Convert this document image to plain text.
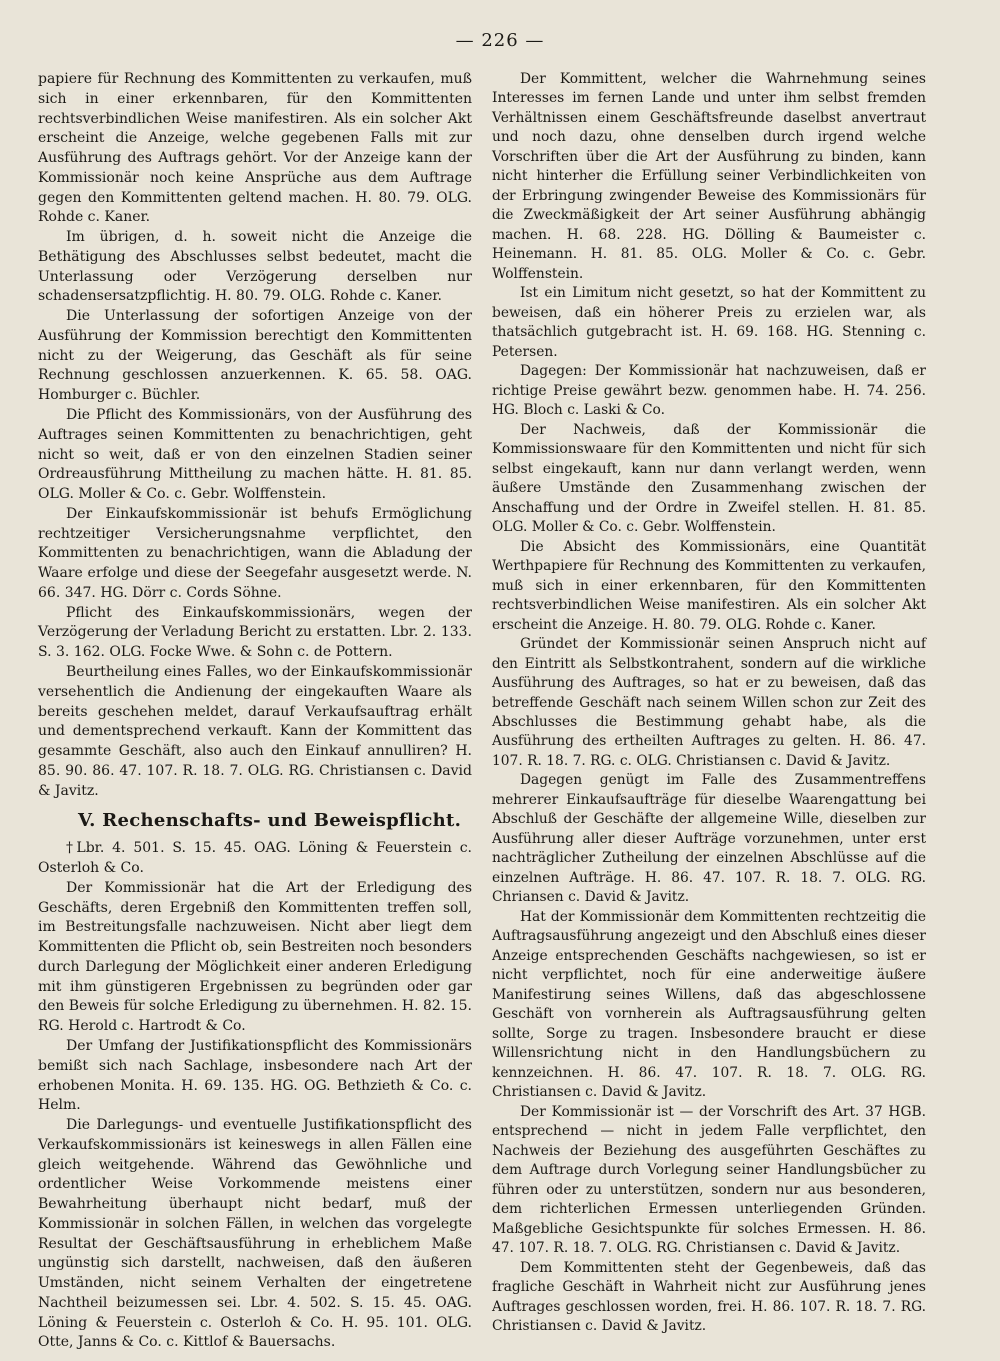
— 226 —

papiere für Rechnung des Kommittenten zu verkaufen, muß sich in einer erkennbaren, für den Kommittenten rechtsverbindlichen Weise manifestiren. Als ein solcher Akt erscheint die Anzeige, welche gegebenen Falls mit zur Ausführung des Auftrags gehört. Vor der Anzeige kann der Kommissionär noch keine Ansprüche aus dem Auftrage gegen den Kommittenten geltend machen. H. 80. 79. OLG. Rohde c. Kaner.

Im übrigen, d. h. soweit nicht die Anzeige die Bethätigung des Abschlusses selbst bedeutet, macht die Unterlassung oder Verzögerung derselben nur schadensersatzpflichtig. H. 80. 79. OLG. Rohde c. Kaner.

Die Unterlassung der sofortigen Anzeige von der Ausführung der Kommission berechtigt den Kommittenten nicht zu der Weigerung, das Geschäft als für seine Rechnung geschlossen anzuerkennen. K. 65. 58. OAG. Homburger c. Büchler.

Die Pflicht des Kommissionärs, von der Ausführung des Auftrages seinen Kommittenten zu benachrichtigen, geht nicht so weit, daß er von den einzelnen Stadien seiner Ordreausführung Mittheilung zu machen hätte. H. 81. 85. OLG. Moller & Co. c. Gebr. Wolffenstein.

Der Einkaufskommissionär ist behufs Ermöglichung rechtzeitiger Versicherungsnahme verpflichtet, den Kommittenten zu benachrichtigen, wann die Abladung der Waare erfolge und diese der Seegefahr ausgesetzt werde. N. 66. 347. HG. Dörr c. Cords Söhne.

Pflicht des Einkaufskommissionärs, wegen der Verzögerung der Verladung Bericht zu erstatten. Lbr. 2. 133. S. 3. 162. OLG. Focke Wwe. & Sohn c. de Pottern.

Beurtheilung eines Falles, wo der Einkaufskommissionär versehentlich die Andienung der eingekauften Waare als bereits geschehen meldet, darauf Verkaufsauftrag erhält und dementsprechend verkauft. Kann der Kommittent das gesammte Geschäft, also auch den Einkauf annulliren? H. 85. 90. 86. 47. 107. R. 18. 7. OLG. RG. Christiansen c. David & Javitz.

V. Rechenschafts- und Beweispflicht.

†Lbr. 4. 501. S. 15. 45. OAG. Löning & Feuerstein c. Osterloh & Co.

Der Kommissionär hat die Art der Erledigung des Geschäfts, deren Ergebniß den Kommittenten treffen soll, im Bestreitungsfalle nachzuweisen. Nicht aber liegt dem Kommittenten die Pflicht ob, sein Bestreiten noch besonders durch Darlegung der Möglichkeit einer anderen Erledigung mit ihm günstigeren Ergebnissen zu begründen oder gar den Beweis für solche Erledigung zu übernehmen. H. 82. 15. RG. Herold c. Hartrodt & Co.

Der Umfang der Justifikationspflicht des Kommissionärs bemißt sich nach Sachlage, insbesondere nach Art der erhobenen Monita. H. 69. 135. HG. OG. Bethzieth & Co. c. Helm.

Die Darlegungs- und eventuelle Justifikationspflicht des Verkaufskommissionärs ist keineswegs in allen Fällen eine gleich weitgehende. Während das Gewöhnliche und ordentlicher Weise Vorkommende meistens einer Bewahrheitung überhaupt nicht bedarf, muß der Kommissionär in solchen Fällen, in welchen das vorgelegte Resultat der Geschäftsausführung in erheblichem Maße ungünstig sich darstellt, nachweisen, daß den äußeren Umständen, nicht seinem Verhalten der eingetretene Nachtheil beizumessen sei. Lbr. 4. 502. S. 15. 45. OAG. Löning & Feuerstein c. Osterloh & Co. H. 95. 101. OLG. Otte, Janns & Co. c. Kittlof & Bauersachs.

Der Kommittent, welcher die Wahrnehmung seines Interesses im fernen Lande und unter ihm selbst fremden Verhältnissen einem Geschäftsfreunde daselbst anvertraut und noch dazu, ohne denselben durch irgend welche Vorschriften über die Art der Ausführung zu binden, kann nicht hinterher die Erfüllung seiner Verbindlichkeiten von der Erbringung zwingender Beweise des Kommissionärs für die Zweckmäßigkeit der Art seiner Ausführung abhängig machen. H. 68. 228. HG. Dölling & Baumeister c. Heinemann. H. 81. 85. OLG. Moller & Co. c. Gebr. Wolffenstein.

Ist ein Limitum nicht gesetzt, so hat der Kommittent zu beweisen, daß ein höherer Preis zu erzielen war, als thatsächlich gutgebracht ist. H. 69. 168. HG. Stenning c. Petersen.

Dagegen: Der Kommissionär hat nachzuweisen, daß er richtige Preise gewährt bezw. genommen habe. H. 74. 256. HG. Bloch c. Laski & Co.

Der Nachweis, daß der Kommissionär die Kommissionswaare für den Kommittenten und nicht für sich selbst eingekauft, kann nur dann verlangt werden, wenn äußere Umstände den Zusammenhang zwischen der Anschaffung und der Ordre in Zweifel stellen. H. 81. 85. OLG. Moller & Co. c. Gebr. Wolffenstein.

Die Absicht des Kommissionärs, eine Quantität Werthpapiere für Rechnung des Kommittenten zu verkaufen, muß sich in einer erkennbaren, für den Kommittenten rechtsverbindlichen Weise manifestiren. Als ein solcher Akt erscheint die Anzeige. H. 80. 79. OLG. Rohde c. Kaner.

Gründet der Kommissionär seinen Anspruch nicht auf den Eintritt als Selbstkontrahent, sondern auf die wirkliche Ausführung des Auftrages, so hat er zu beweisen, daß das betreffende Geschäft nach seinem Willen schon zur Zeit des Abschlusses die Bestimmung gehabt habe, als die Ausführung des ertheilten Auftrages zu gelten. H. 86. 47. 107. R. 18. 7. RG. c. OLG. Christiansen c. David & Javitz.

Dagegen genügt im Falle des Zusammentreffens mehrerer Einkaufsaufträge für dieselbe Waarengattung bei Abschluß der Geschäfte der allgemeine Wille, dieselben zur Ausführung aller dieser Aufträge vorzunehmen, unter erst nachträglicher Zutheilung der einzelnen Abschlüsse auf die einzelnen Aufträge. H. 86. 47. 107. R. 18. 7. OLG. RG. Chriansen c. David & Javitz.

Hat der Kommissionär dem Kommittenten rechtzeitig die Auftragsausführung angezeigt und den Abschluß eines dieser Anzeige entsprechenden Geschäfts nachgewiesen, so ist er nicht verpflichtet, noch für eine anderweitige äußere Manifestirung seines Willens, daß das abgeschlossene Geschäft von vornherein als Auftragsausführung gelten sollte, Sorge zu tragen. Insbesondere braucht er diese Willensrichtung nicht in den Handlungsbüchern zu kennzeichnen. H. 86. 47. 107. R. 18. 7. OLG. RG. Christiansen c. David & Javitz.

Der Kommissionär ist — der Vorschrift des Art. 37 HGB. entsprechend — nicht in jedem Falle verpflichtet, den Nachweis der Beziehung des ausgeführten Geschäftes zu dem Auftrage durch Vorlegung seiner Handlungsbücher zu führen oder zu unterstützen, sondern nur aus besonderen, dem richterlichen Ermessen unterliegenden Gründen. Maßgebliche Gesichtspunkte für solches Ermessen. H. 86. 47. 107. R. 18. 7. OLG. RG. Christiansen c. David & Javitz.

Dem Kommittenten steht der Gegenbeweis, daß das fragliche Geschäft in Wahrheit nicht zur Ausführung jenes Auftrages geschlossen worden, frei. H. 86. 107. R. 18. 7. RG. Christiansen c. David & Javitz.
